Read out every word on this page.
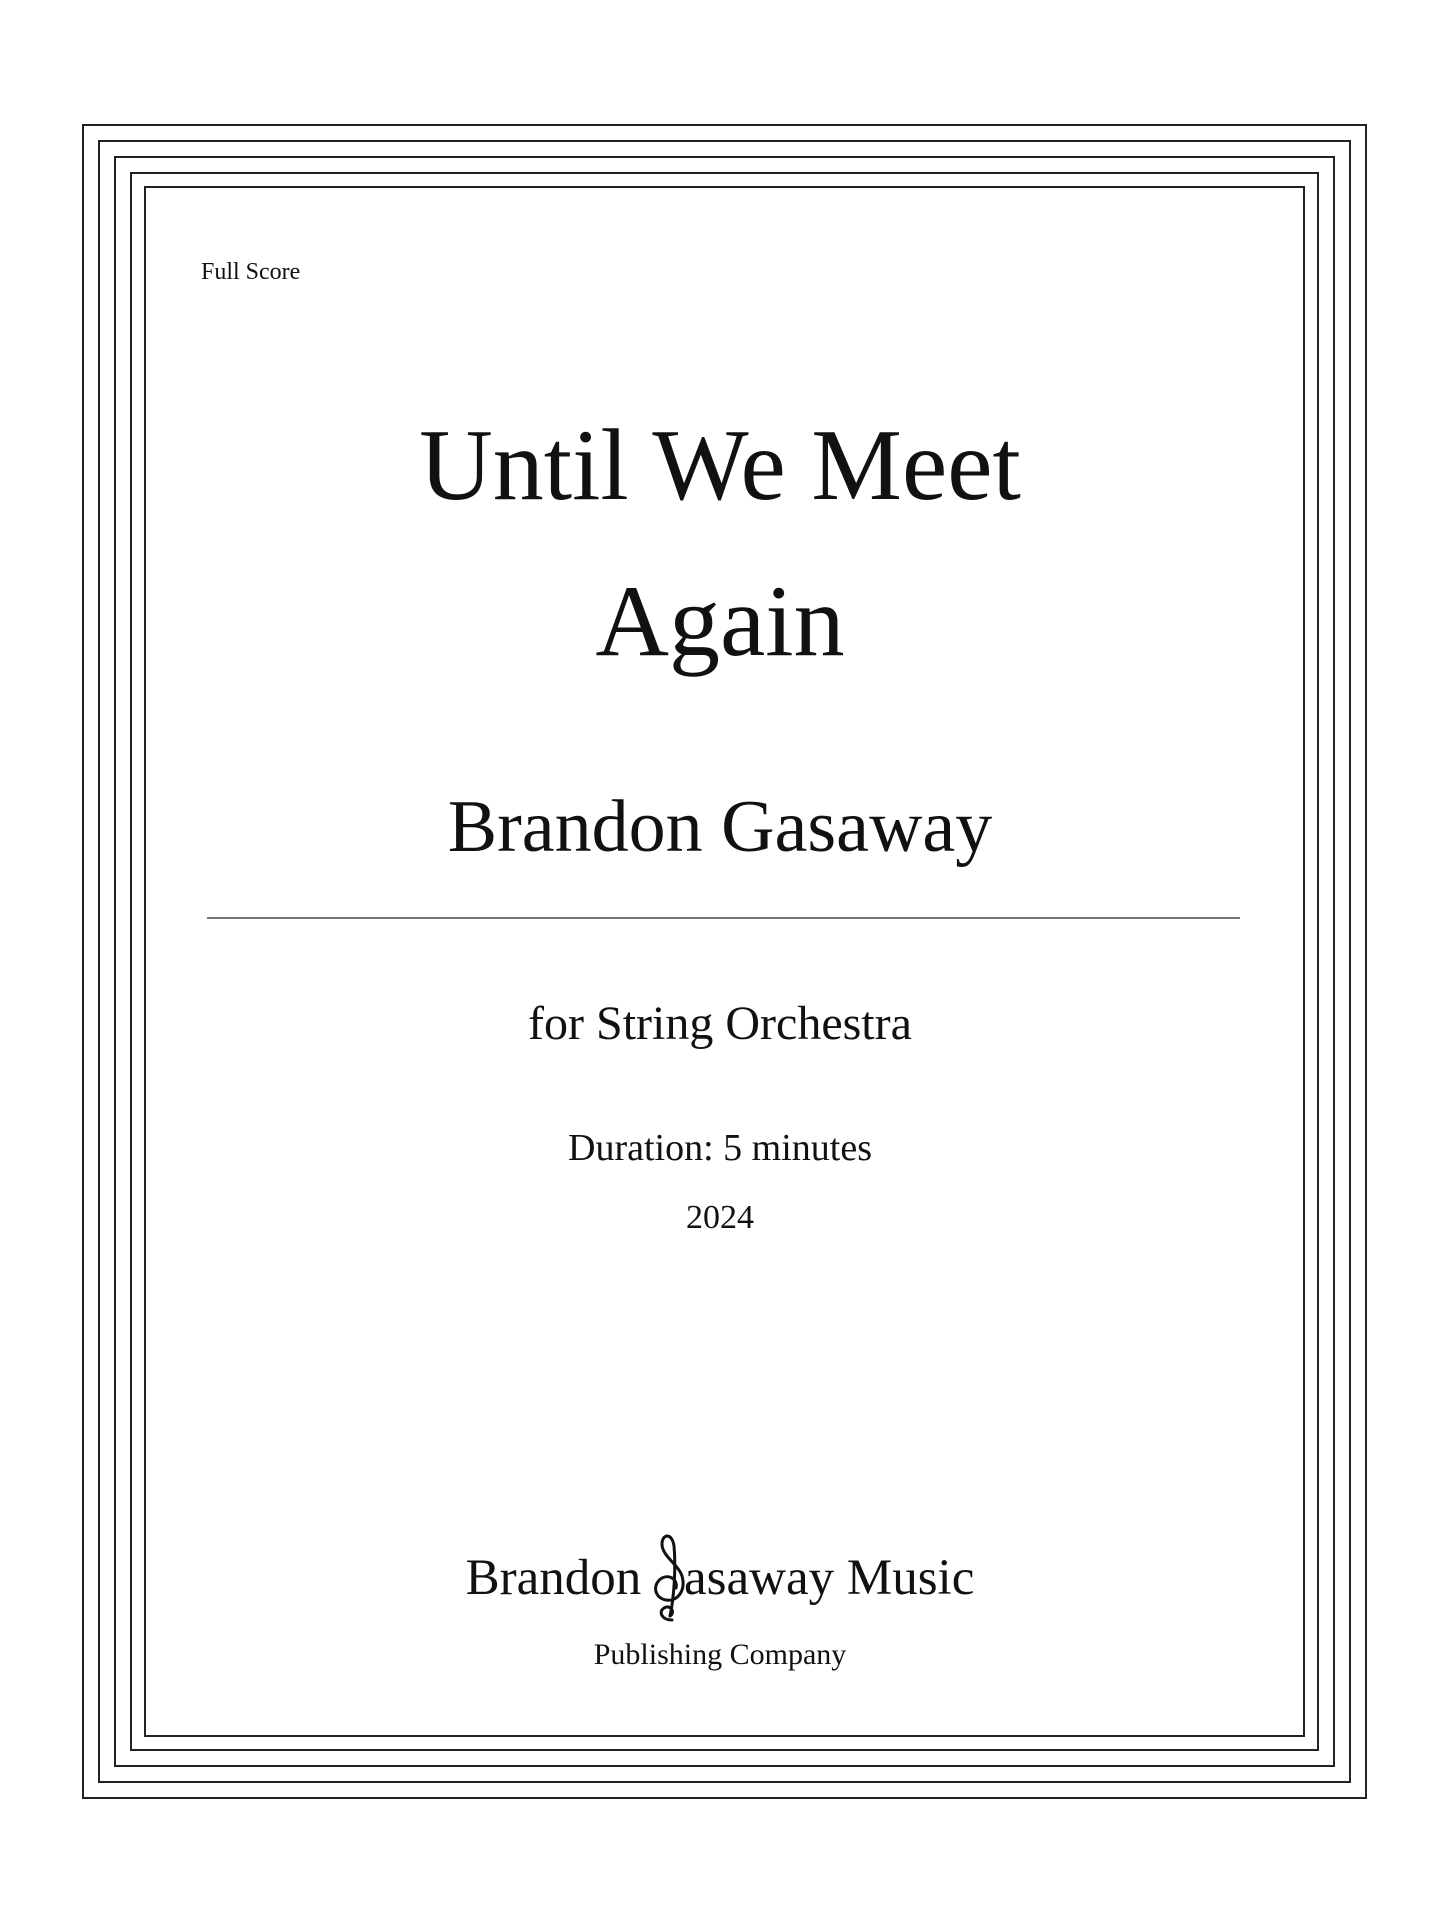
Full Score
Until We Meet
Again
Brandon Gasaway
for String Orchestra
Duration: 5 minutes
2024
Brandon
asaway Music
Publishing Company
